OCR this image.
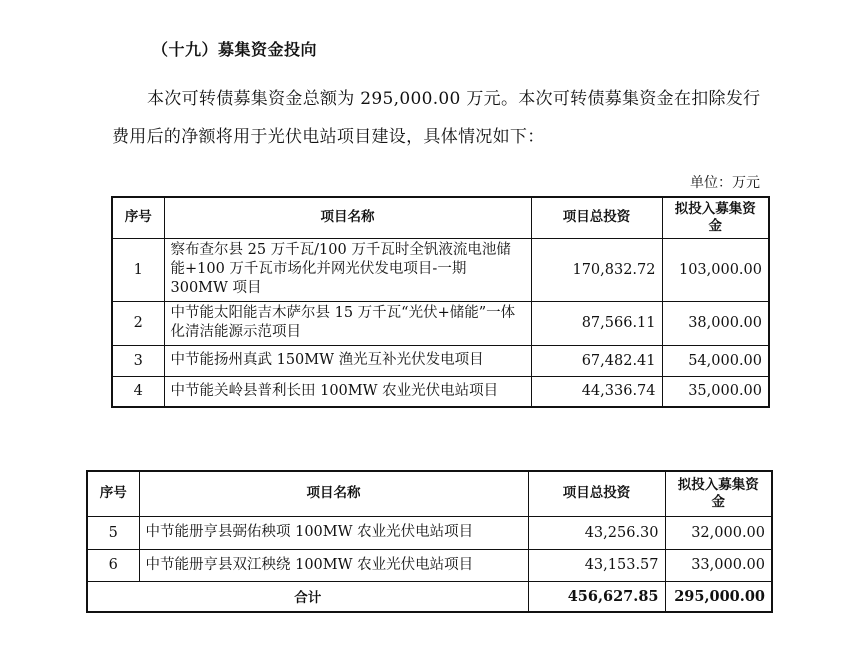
（十九）募集资金投向
本次可转债募集资金总额为 295,000.00 万元。本次可转债募集资金在扣除发行费用后的净额将用于光伏电站项目建设，具体情况如下：
单位：万元
序号	项目名称	项目总投资	拟投入募集资金
1	察布查尔县 25 万千瓦/100 万千瓦时全钒液流电池储能+100 万千瓦市场化并网光伏发电项目-一期 300MW 项目	170,832.72	103,000.00
2	中节能太阳能吉木萨尔县 15 万千瓦“光伏+储能”一体化清洁能源示范项目	87,566.11	38,000.00
3	中节能扬州真武 150MW 渔光互补光伏发电项目	67,482.41	54,000.00
4	中节能关岭县普利长田 100MW 农业光伏电站项目	44,336.74	35,000.00
序号	项目名称	项目总投资	拟投入募集资金
5	中节能册亨县弼佑秧项 100MW 农业光伏电站项目	43,256.30	32,000.00
6	中节能册亨县双江秧绕 100MW 农业光伏电站项目	43,153.57	33,000.00
合计		456,627.85	295,000.00
